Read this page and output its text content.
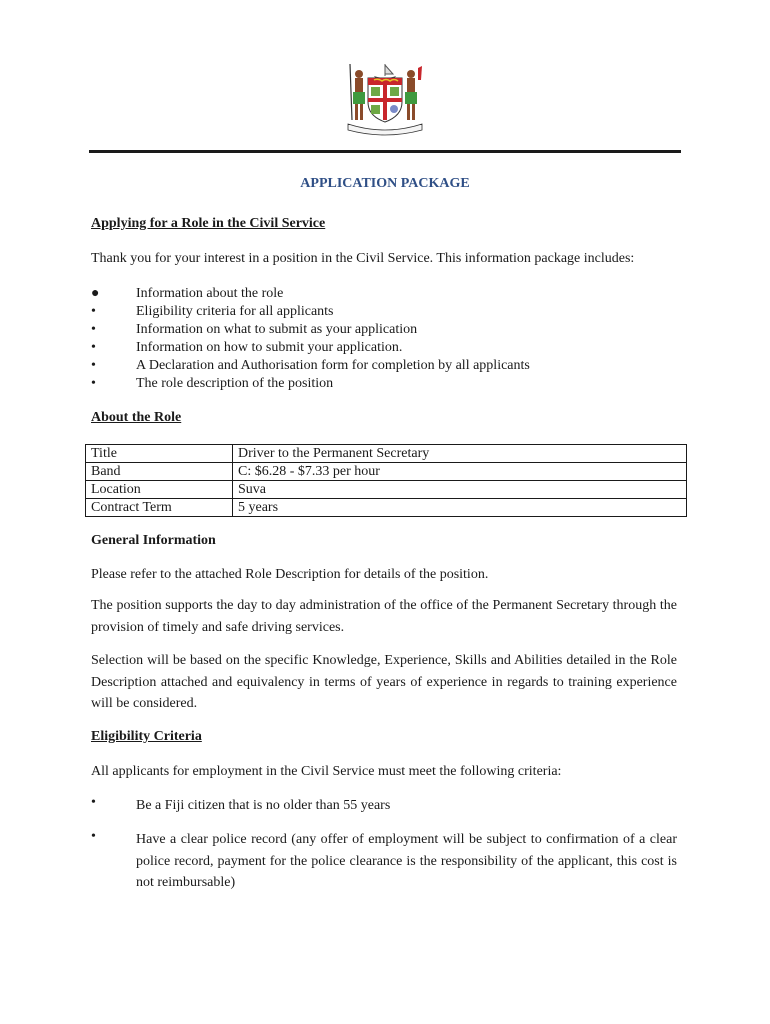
APPLICATION PACKAGE
Applying for a Role in the Civil Service
Thank you for your interest in a position in the Civil Service. This information package includes:
●	Information about the role
•	Eligibility criteria for all applicants
•	Information on what to submit as your application
•	Information on how to submit your application.
•	A Declaration and Authorisation form for completion by all applicants
•	The role description of the position
About the Role
Title	Driver to the Permanent Secretary
Band	C: $6.28 - $7.33 per hour
Location	Suva
Contract Term	5 years
General Information
Please refer to the attached Role Description for details of the position.
The position supports the day to day administration of the office of the Permanent Secretary through the provision of timely and safe driving services.
Selection will be based on the specific Knowledge, Experience, Skills and Abilities detailed in the Role Description attached and equivalency in terms of years of experience in regards to training experience will be considered.
Eligibility Criteria
All applicants for employment in the Civil Service must meet the following criteria:
•	Be a Fiji citizen that is no older than 55 years
•	Have a clear police record (any offer of employment will be subject to confirmation of a clear police record, payment for the police clearance is the responsibility of the applicant, this cost is not reimbursable)
